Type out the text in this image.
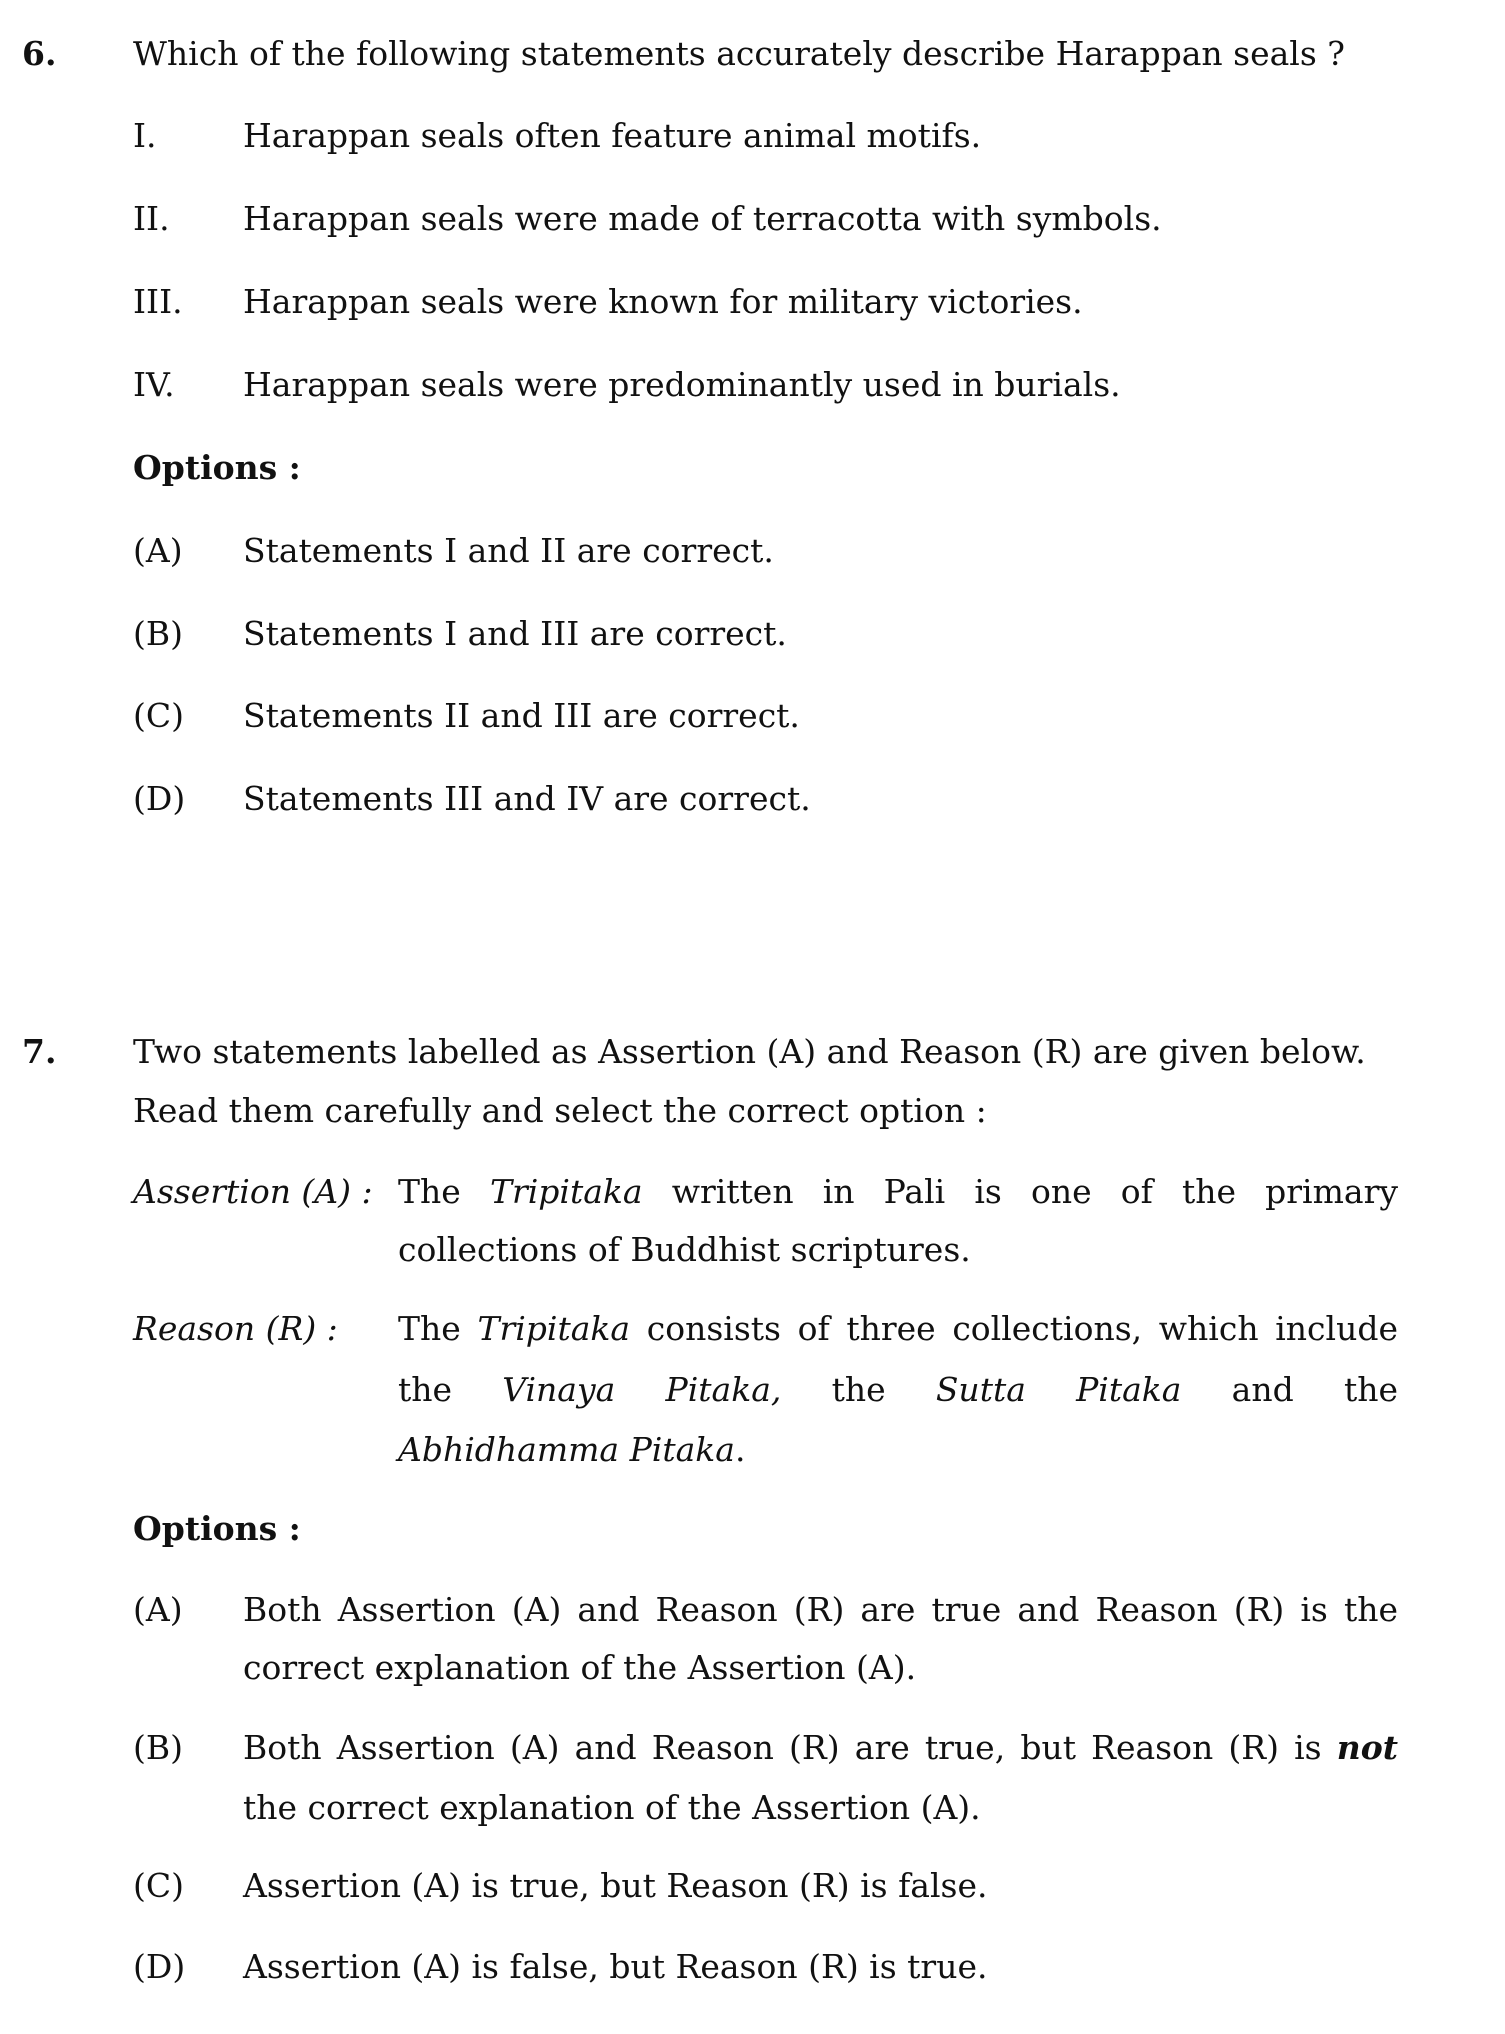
6. Which of the following statements accurately describe Harappan seals ?
I.	Harappan seals often feature animal motifs.
II. Harappan seals were made of terracotta with symbols.
III. Harappan seals were known for military victories.
IV. Harappan seals were predominantly used in burials.
Options :
(A) Statements I and II are correct.
(B) Statements I and III are correct.
(C) Statements II and III are correct.
(D) Statements III and IV are correct.
7. Two statements labelled as Assertion (A) and Reason (R) are given below.
Read them carefully and select the correct option :
Assertion (A) : The Tripitaka written in Pali is one of the primary
collections of Buddhist scriptures.
Reason (R) : The Tripitaka consists of three collections, which include
the Vinaya Pitaka, the Sutta Pitaka and the
Abhidhamma Pitaka.
Options :
(A) Both Assertion (A) and Reason (R) are true and Reason (R) is the
correct explanation of the Assertion (A).
(B) Both Assertion (A) and Reason (R) are true, but Reason (R) is not
the correct explanation of the Assertion (A).
(C) Assertion (A) is true, but Reason (R) is false.
(D) Assertion (A) is false, but Reason (R) is true.
